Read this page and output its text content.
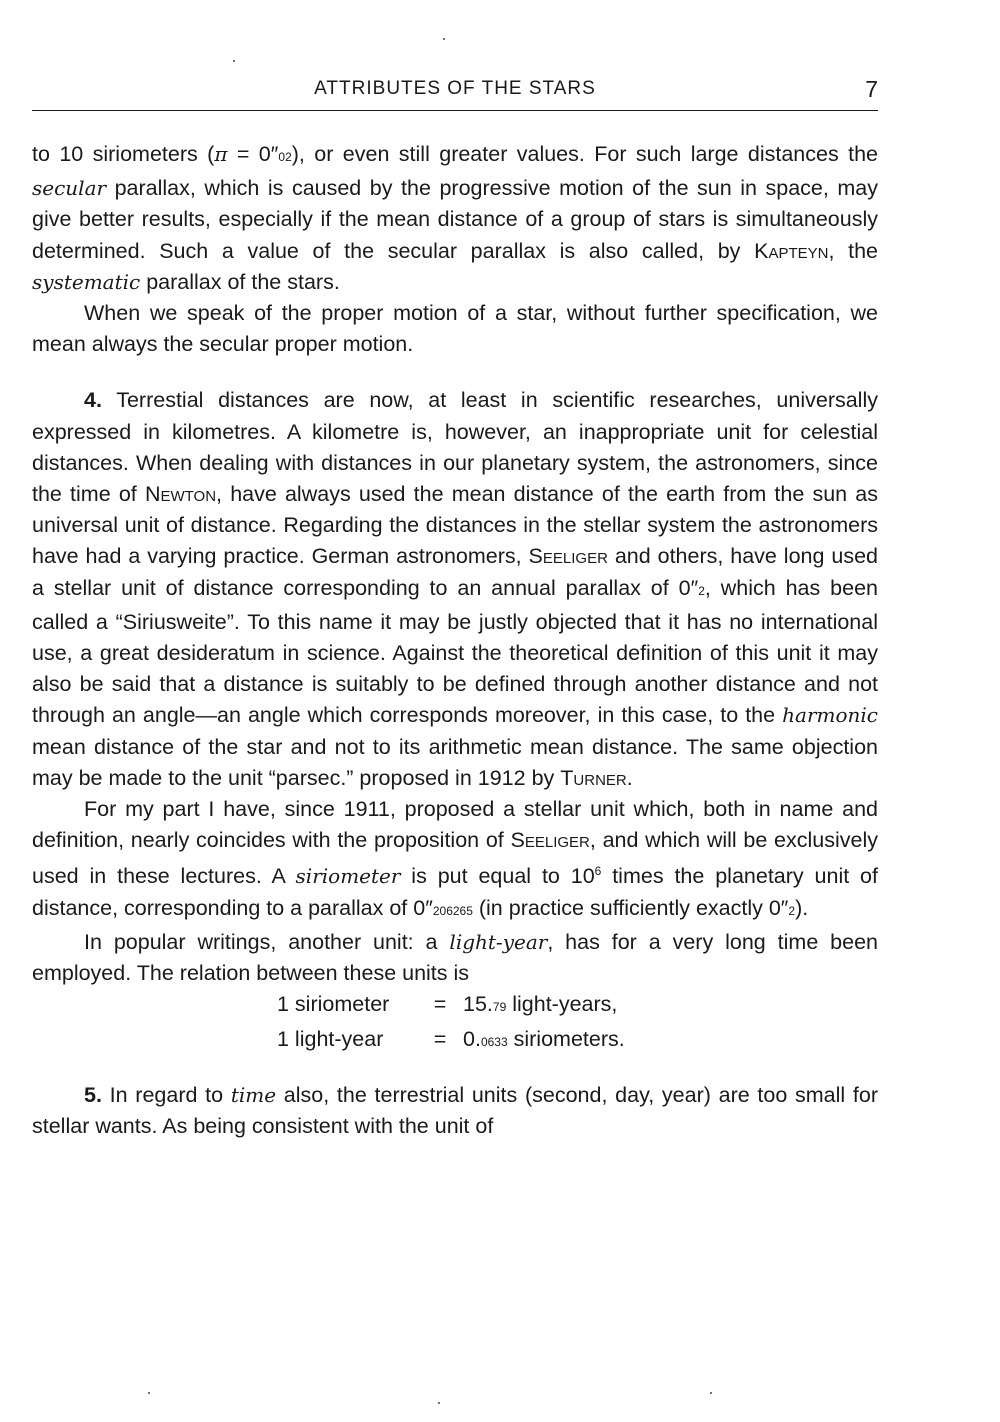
ATTRIBUTES OF THE STARS	7

to 10 siriometers (π = 0″02), or even still greater values. For such large distances the secular parallax, which is caused by the progressive motion of the sun in space, may give better results, especially if the mean distance of a group of stars is simultaneously determined. Such a value of the secular parallax is also called, by Kapteyn, the systematic parallax of the stars.

When we speak of the proper motion of a star, without further specification, we mean always the secular proper motion.

4. Terrestial distances are now, at least in scientific researches, universally expressed in kilometres. A kilometre is, however, an inappropriate unit for celestial distances. When dealing with distances in our planetary system, the astronomers, since the time of Newton, have always used the mean distance of the earth from the sun as universal unit of distance. Regarding the distances in the stellar system the astronomers have had a varying practice. German astronomers, Seeliger and others, have long used a stellar unit of distance corresponding to an annual parallax of 0″2, which has been called a “Siriusweite”. To this name it may be justly objected that it has no international use, a great desideratum in science. Against the theoretical definition of this unit it may also be said that a distance is suitably to be defined through another distance and not through an angle—an angle which corresponds moreover, in this case, to the harmonic mean distance of the star and not to its arithmetic mean distance. The same objection may be made to the unit “parsec.” proposed in 1912 by Turner.

For my part I have, since 1911, proposed a stellar unit which, both in name and definition, nearly coincides with the proposition of Seeliger, and which will be exclusively used in these lectures. A siriometer is put equal to $10^6$ times the planetary unit of distance, corresponding to a parallax of 0″206265 (in practice sufficiently exactly 0″2).

In popular writings, another unit: a light-year, has for a very long time been employed. The relation between these units is

1 siriometer	= 15.79 light-years,
1 light-year	= 0.0633 siriometers.

5. In regard to time also, the terrestrial units (second, day, year) are too small for stellar wants. As being consistent with the unit of
